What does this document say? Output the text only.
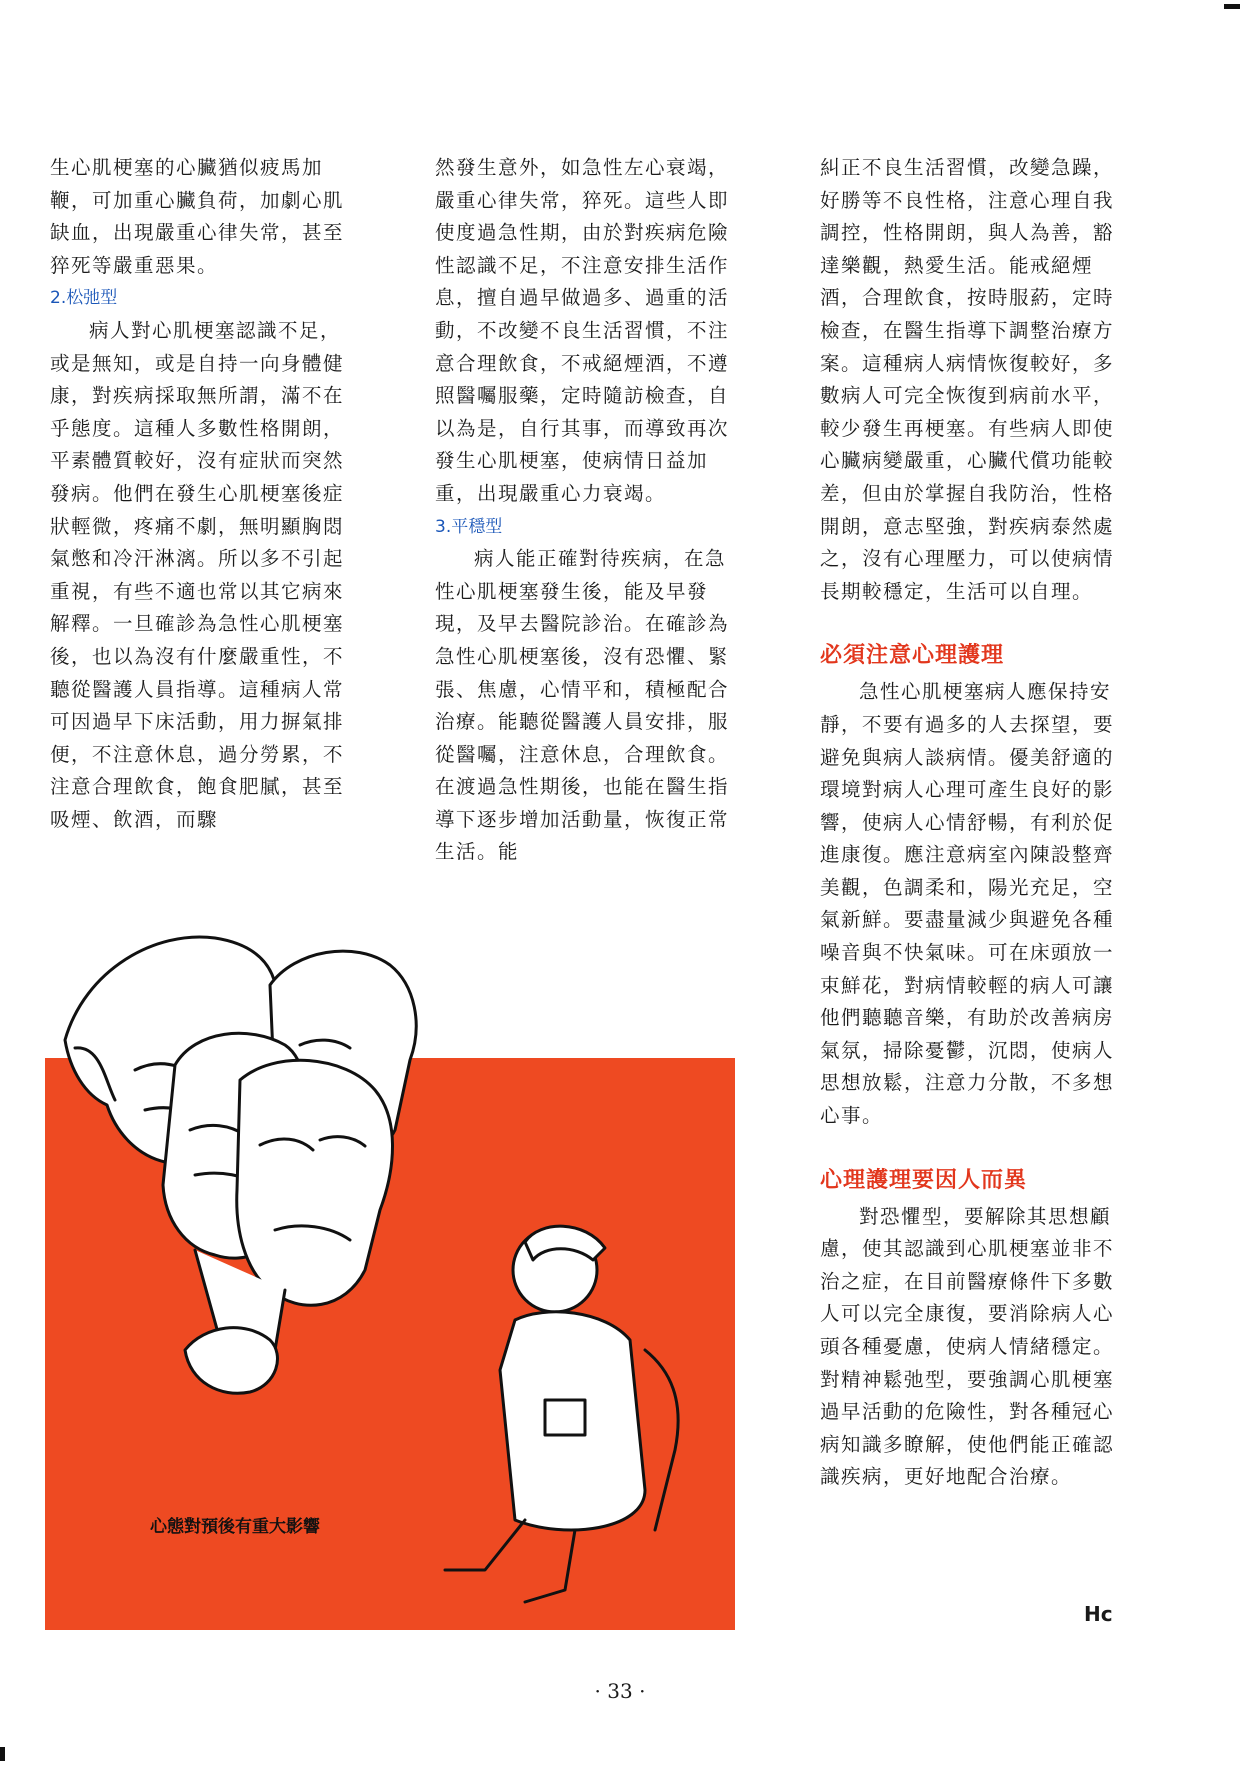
生心肌梗塞的心臟猶似疲馬加鞭，可加重心臟負荷，加劇心肌缺血，出現嚴重心律失常，甚至猝死等嚴重惡果。

2.松弛型

病人對心肌梗塞認識不足，或是無知，或是自持一向身體健康，對疾病採取無所謂，滿不在乎態度。這種人多數性格開朗，平素體質較好，沒有症狀而突然發病。他們在發生心肌梗塞後症狀輕微，疼痛不劇，無明顯胸悶氣憋和冷汗淋漓。所以多不引起重視，有些不適也常以其它病來解釋。一旦確診為急性心肌梗塞後，也以為沒有什麼嚴重性，不聽從醫護人員指導。這種病人常可因過早下床活動，用力摒氣排便，不注意休息，過分勞累，不注意合理飲食，飽食肥膩，甚至吸煙、飲酒，而驟

然發生意外，如急性左心衰竭，嚴重心律失常，猝死。這些人即使度過急性期，由於對疾病危險性認識不足，不注意安排生活作息，擅自過早做過多、過重的活動，不改變不良生活習慣，不注意合理飲食，不戒絕煙酒，不遵照醫囑服藥，定時隨訪檢查，自以為是，自行其事，而導致再次發生心肌梗塞，使病情日益加重，出現嚴重心力衰竭。

3.平穩型

病人能正確對待疾病，在急性心肌梗塞發生後，能及早發現，及早去醫院診治。在確診為急性心肌梗塞後，沒有恐懼、緊張、焦慮，心情平和，積極配合治療。能聽從醫護人員安排，服從醫囑，注意休息，合理飲食。在渡過急性期後，也能在醫生指導下逐步增加活動量，恢復正常生活。能

糾正不良生活習慣，改變急躁，好勝等不良性格，注意心理自我調控，性格開朗，與人為善，豁達樂觀，熱愛生活。能戒絕煙酒，合理飲食，按時服葯，定時檢查，在醫生指導下調整治療方案。這種病人病情恢復較好，多數病人可完全恢復到病前水平，較少發生再梗塞。有些病人即使心臟病變嚴重，心臟代償功能較差，但由於掌握自我防治，性格開朗，意志堅強，對疾病泰然處之，沒有心理壓力，可以使病情長期較穩定，生活可以自理。

必須注意心理護理

急性心肌梗塞病人應保持安靜，不要有過多的人去探望，要避免與病人談病情。優美舒適的環境對病人心理可產生良好的影響，使病人心情舒暢，有利於促進康復。應注意病室內陳設整齊美觀，色調柔和，陽光充足，空氣新鮮。要盡量減少與避免各種噪音與不快氣味。可在床頭放一束鮮花，對病情較輕的病人可讓他們聽聽音樂，有助於改善病房氣氛，掃除憂鬱，沉悶，使病人思想放鬆，注意力分散，不多想心事。

心理護理要因人而異

對恐懼型，要解除其思想顧慮，使其認識到心肌梗塞並非不治之症，在目前醫療條件下多數人可以完全康復，要消除病人心頭各種憂慮，使病人情緒穩定。對精神鬆弛型，要強調心肌梗塞過早活動的危險性，對各種冠心病知識多瞭解，使他們能正確認識疾病，更好地配合治療。

心態對預後有重大影響
Hc
· 33 ·
